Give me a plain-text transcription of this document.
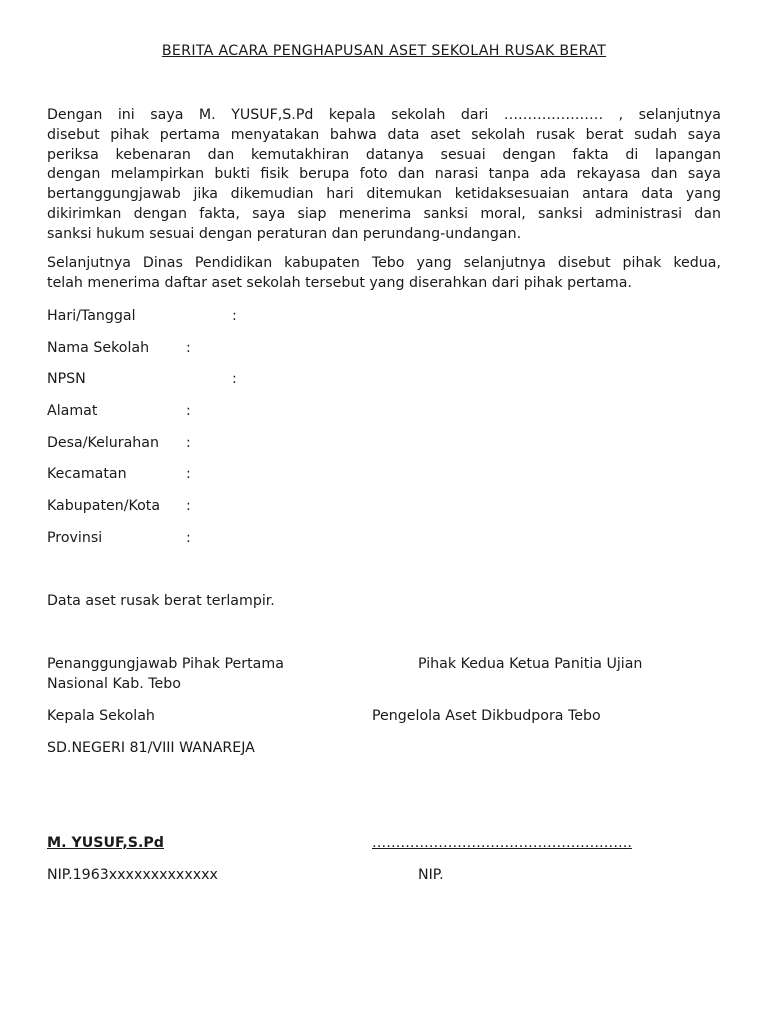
BERITA ACARA PENGHAPUSAN ASET SEKOLAH RUSAK BERAT
Dengan ini saya M. YUSUF,S.Pd kepala sekolah dari ………………… , selanjutnya
disebut pihak pertama menyatakan bahwa data aset sekolah rusak berat sudah saya
periksa kebenaran dan kemutakhiran datanya sesuai dengan fakta di lapangan
dengan melampirkan bukti fisik berupa foto dan narasi tanpa ada rekayasa dan saya
bertanggungjawab jika dikemudian hari ditemukan ketidaksesuaian antara data yang
dikirimkan dengan fakta, saya siap menerima sanksi moral, sanksi administrasi dan
sanksi hukum sesuai dengan peraturan dan perundang-undangan.
Selanjutnya Dinas Pendidikan kabupaten Tebo yang selanjutnya disebut pihak kedua,
telah menerima daftar aset sekolah tersebut yang diserahkan dari pihak pertama.
Hari/Tanggal	:
Nama Sekolah	:
NPSN	:
Alamat	:
Desa/Kelurahan :
Kecamatan	:
Kabupaten/Kota :
Provinsi	:
Data aset rusak berat terlampir.
Penanggungjawab Pihak Pertama	Pihak Kedua Ketua Panitia Ujian
Nasional Kab. Tebo
Kepala Sekolah	Pengelola Aset Dikbudpora Tebo
SD.NEGERI 81/VIII WANAREJA
M. YUSUF,S.Pd	……………………………………………….
NIP.1963xxxxxxxxxxxxx	NIP.
